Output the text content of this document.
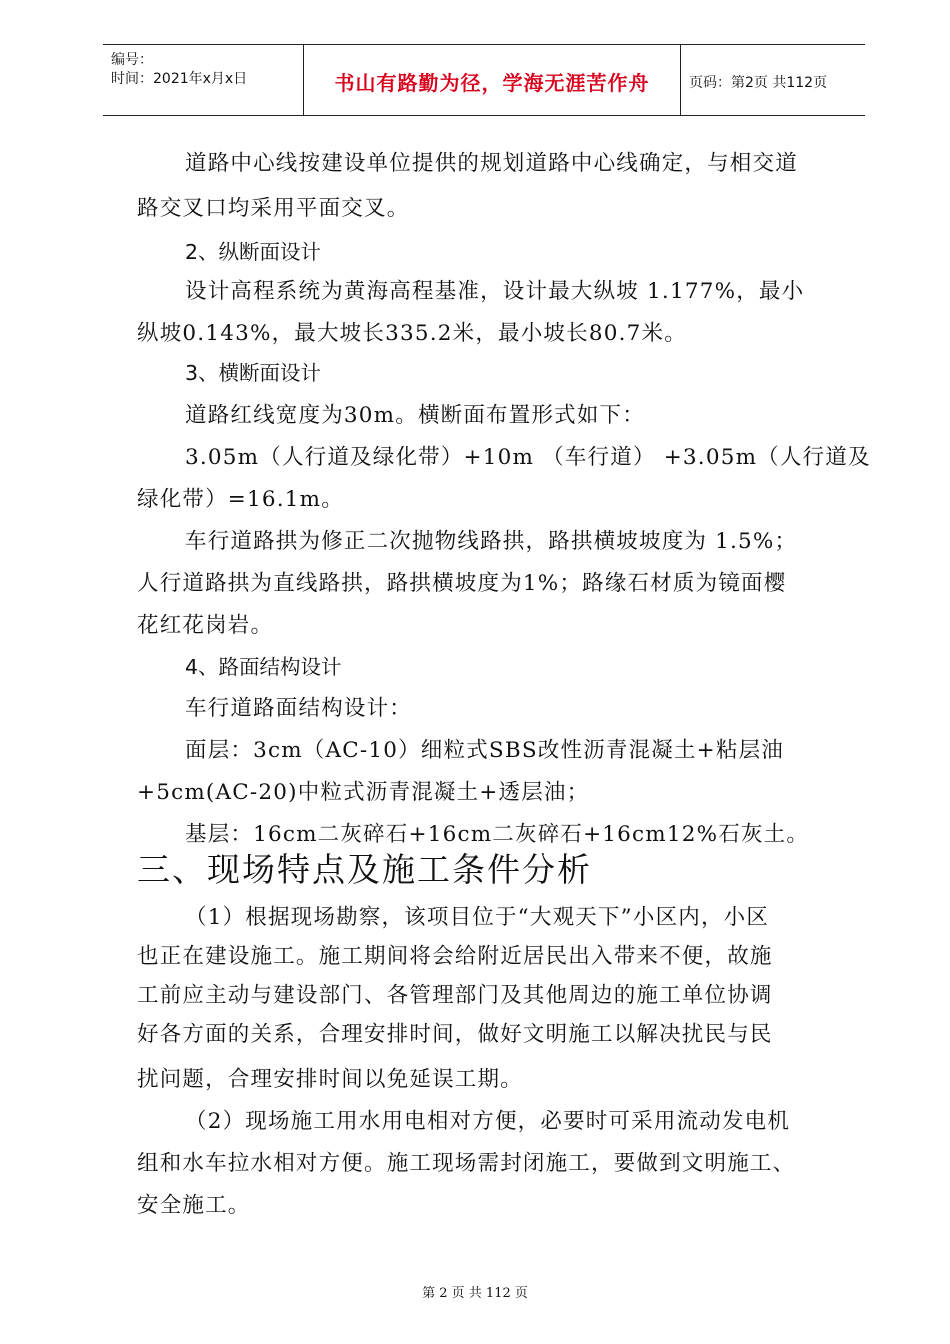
编号：
时间：2021年x月x日	书山有路勤为径，学海无涯苦作舟	页码：第2页 共112页
道路中心线按建设单位提供的规划道路中心线确定，与相交道
路交叉口均采用平面交叉。
2、纵断面设计
设计高程系统为黄海高程基准，设计最大纵坡 1.177%，最小
纵坡0.143%，最大坡长335.2米，最小坡长80.7米。
3、横断面设计
道路红线宽度为30m。横断面布置形式如下：
3.05m（人行道及绿化带）+10m （车行道） +3.05m（人行道及
绿化带）=16.1m。
车行道路拱为修正二次抛物线路拱，路拱横坡坡度为 1.5%；
人行道路拱为直线路拱，路拱横坡度为1%；路缘石材质为镜面樱
花红花岗岩。
4、路面结构设计
车行道路面结构设计：
面层：3cm（AC-10）细粒式SBS改性沥青混凝土+粘层油
+5cm(AC-20)中粒式沥青混凝土+透层油；
基层：16cm二灰碎石+16cm二灰碎石+16cm12%石灰土。
三、现场特点及施工条件分析
（1）根据现场勘察，该项目位于“大观天下”小区内，小区
也正在建设施工。施工期间将会给附近居民出入带来不便，故施
工前应主动与建设部门、各管理部门及其他周边的施工单位协调
好各方面的关系，合理安排时间，做好文明施工以解决扰民与民
扰问题，合理安排时间以免延误工期。
（2）现场施工用水用电相对方便，必要时可采用流动发电机
组和水车拉水相对方便。施工现场需封闭施工，要做到文明施工、
安全施工。
第 2 页 共 112 页
